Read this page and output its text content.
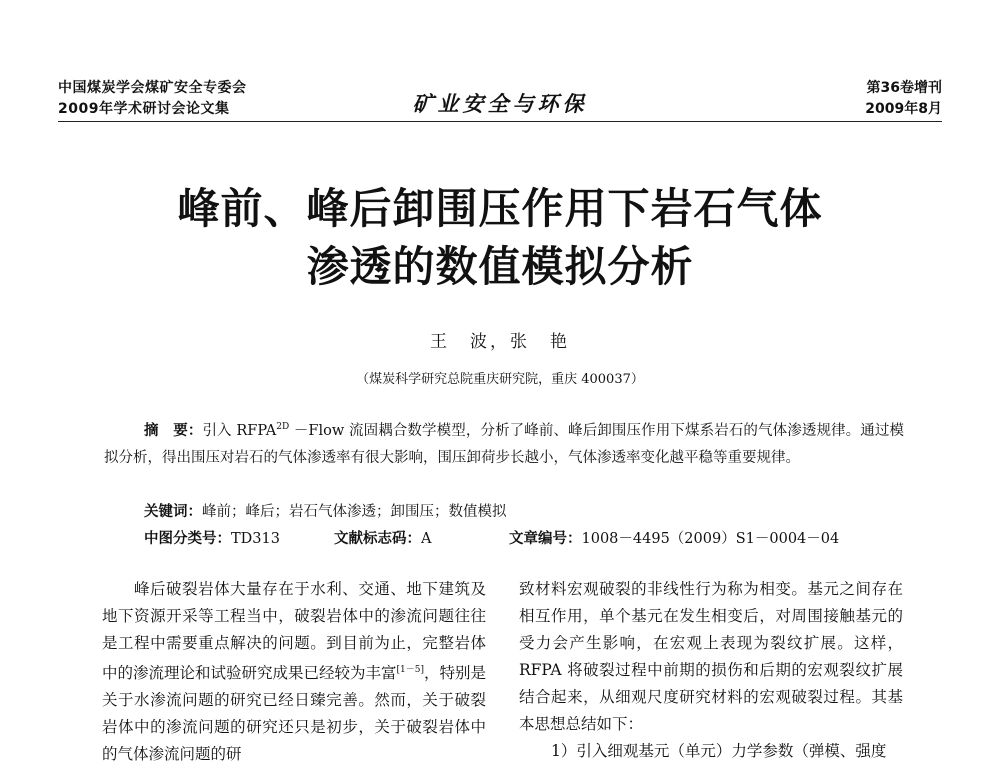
中国煤炭学会煤矿安全专委会
2009年学术研讨会论文集	矿业安全与环保
第36卷增刊
2009年8月
峰前、峰后卸围压作用下岩石气体
渗透的数值模拟分析
王　波，张　艳
（煤炭科学研究总院重庆研究院，重庆 400037）

摘　要：引入 $RFPA^{2D}$ －Flow 流固耦合数学模型，分析了峰前、峰后卸围压作用下煤系岩石的气体渗透规律。通过模拟分析，得出围压对岩石的气体渗透率有很大影响，围压卸荷步长越小，气体渗透率变化越平稳等重要规律。

关键词：峰前；峰后；岩石气体渗透；卸围压；数值模拟
中图分类号：TD313	文献标志码：A	文章编号：1008－4495（2009）S1－0004－04

峰后破裂岩体大量存在于水利、交通、地下建筑及地下资源开采等工程当中，破裂岩体中的渗流问题往往是工程中需要重点解决的问题。到目前为止，完整岩体中的渗流理论和试验研究成果已经较为丰富[1－5]，特别是关于水渗流问题的研究已经日臻完善。然而，关于破裂岩体中的渗流问题的研究还只是初步，关于破裂岩体中的气体渗流问题的研

致材料宏观破裂的非线性行为称为相变。基元之间存在相互作用，单个基元在发生相变后，对周围接触基元的受力会产生影响，在宏观上表现为裂纹扩展。这样，RFPA 将破裂过程中前期的损伤和后期的宏观裂纹扩展结合起来，从细观尺度研究材料的宏观破裂过程。其基本思想总结如下：

1）引入细观基元（单元）力学参数（弹模、强度
